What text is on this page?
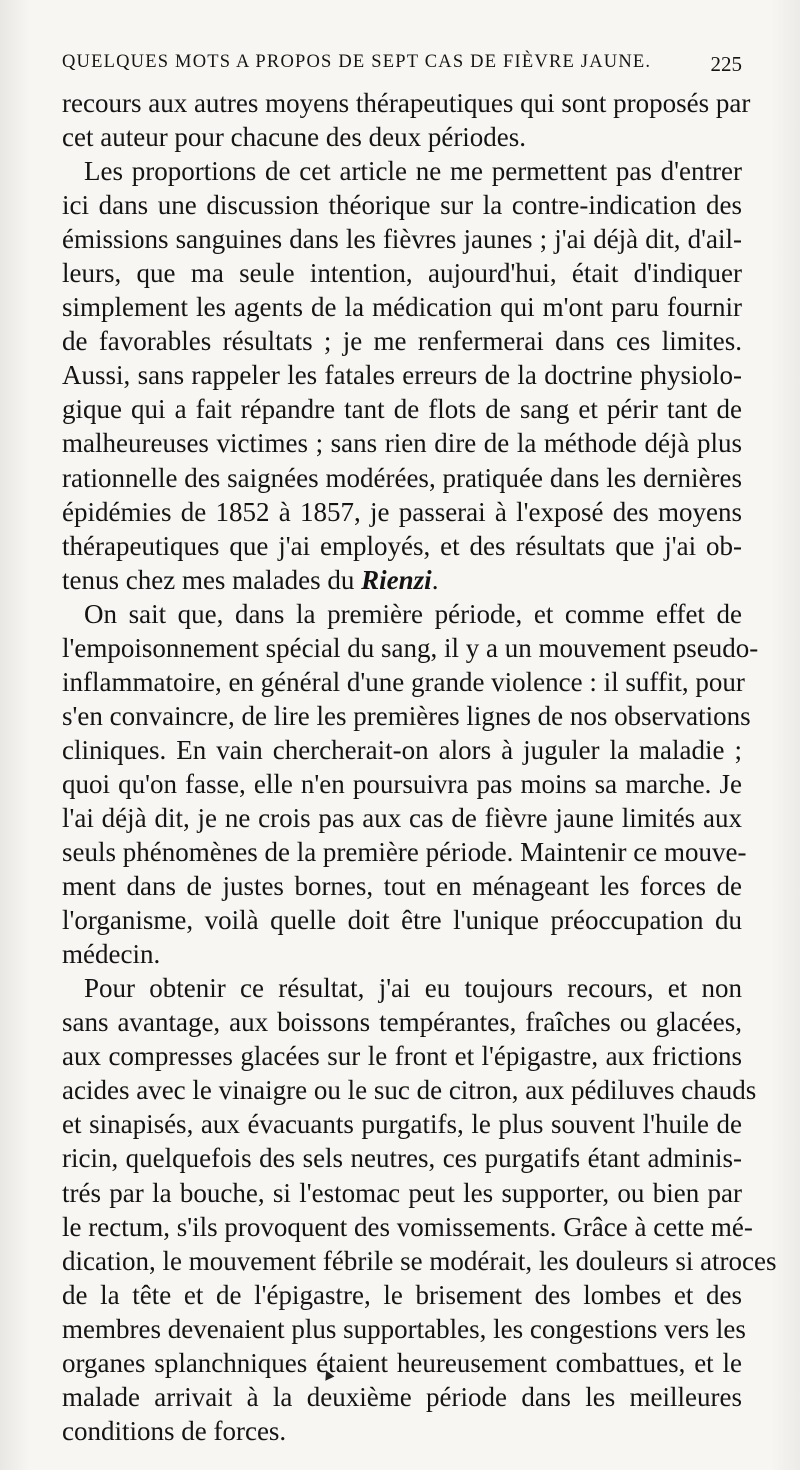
QUELQUES MOTS A PROPOS DE SEPT CAS DE FIÈVRE JAUNE.	225
recours aux autres moyens thérapeutiques qui sont proposés par
cet auteur pour chacune des deux périodes.
Les proportions de cet article ne me permettent pas d'entrer
ici dans une discussion théorique sur la contre-indication des
émissions sanguines dans les fièvres jaunes ; j'ai déjà dit, d'ail-
leurs, que ma seule intention, aujourd'hui, était d'indiquer
simplement les agents de la médication qui m'ont paru fournir
de favorables résultats ; je me renfermerai dans ces limites.
Aussi, sans rappeler les fatales erreurs de la doctrine physiolo-
gique qui a fait répandre tant de flots de sang et périr tant de
malheureuses victimes ; sans rien dire de la méthode déjà plus
rationnelle des saignées modérées, pratiquée dans les dernières
épidémies de 1852 à 1857, je passerai à l'exposé des moyens
thérapeutiques que j'ai employés, et des résultats que j'ai ob-
tenus chez mes malades du Rienzi.
On sait que, dans la première période, et comme effet de
l'empoisonnement spécial du sang, il y a un mouvement pseudo-
inflammatoire, en général d'une grande violence : il suffit, pour
s'en convaincre, de lire les premières lignes de nos observations
cliniques. En vain chercherait-on alors à juguler la maladie ;
quoi qu'on fasse, elle n'en poursuivra pas moins sa marche. Je
l'ai déjà dit, je ne crois pas aux cas de fièvre jaune limités aux
seuls phénomènes de la première période. Maintenir ce mouve-
ment dans de justes bornes, tout en ménageant les forces de
l'organisme, voilà quelle doit être l'unique préoccupation du
médecin.
Pour obtenir ce résultat, j'ai eu toujours recours, et non
sans avantage, aux boissons tempérantes, fraîches ou glacées,
aux compresses glacées sur le front et l'épigastre, aux frictions
acides avec le vinaigre ou le suc de citron, aux pédiluves chauds
et sinapisés, aux évacuants purgatifs, le plus souvent l'huile de
ricin, quelquefois des sels neutres, ces purgatifs étant adminis-
trés par la bouche, si l'estomac peut les supporter, ou bien par
le rectum, s'ils provoquent des vomissements. Grâce à cette mé-
dication, le mouvement fébrile se modérait, les douleurs si atroces
de la tête et de l'épigastre, le brisement des lombes et des
membres devenaient plus supportables, les congestions vers les
organes splanchniques étaient heureusement combattues, et le
malade arrivait à la deuxième période dans les meilleures
conditions de forces.
